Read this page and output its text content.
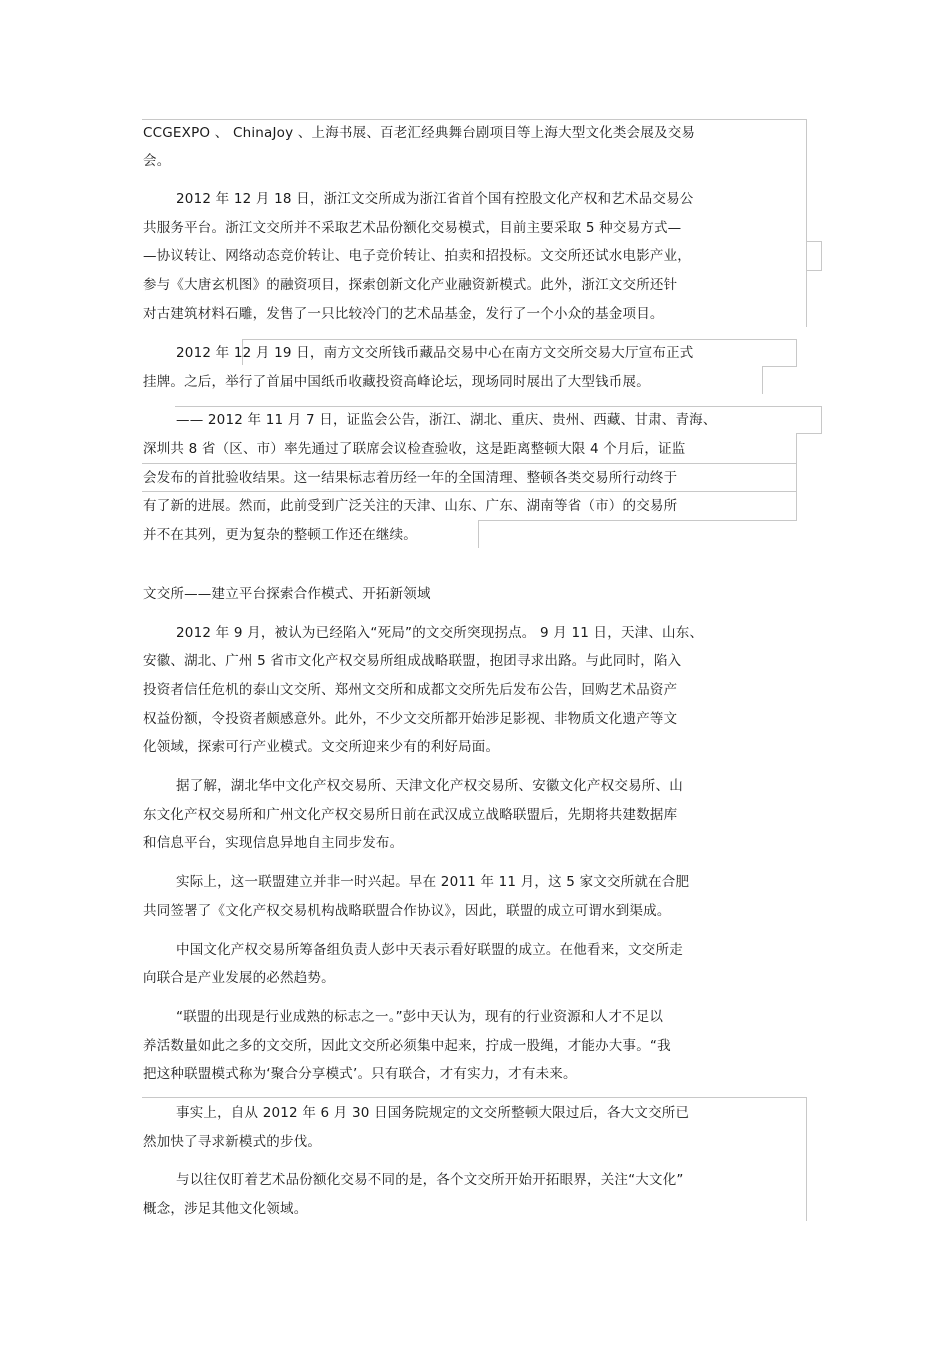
CCGEXPO 、 ChinaJoy 、上海书展、百老汇经典舞台剧项目等上海大型文化类会展及交易
会。
2012 年 12 月 18 日，浙江文交所成为浙江省首个国有控股文化产权和艺术品交易公
共服务平台。浙江文交所并不采取艺术品份额化交易模式，目前主要采取 5 种交易方式—
—协议转让、网络动态竞价转让、电子竞价转让、拍卖和招投标。文交所还试水电影产业，
参与《大唐玄机图》的融资项目，探索创新文化产业融资新模式。此外，浙江文交所还针
对古建筑材料石雕，发售了一只比较冷门的艺术品基金，发行了一个小众的基金项目。
2012 年 12 月 19 日，南方文交所钱币藏品交易中心在南方文交所交易大厅宣布正式
挂牌。之后，举行了首届中国纸币收藏投资高峰论坛，现场同时展出了大型钱币展。
—— 2012 年 11 月 7 日，证监会公告，浙江、湖北、重庆、贵州、西藏、甘肃、青海、
深圳共 8 省（区、市）率先通过了联席会议检查验收，这是距离整顿大限 4 个月后，证监
会发布的首批验收结果。这一结果标志着历经一年的全国清理、整顿各类交易所行动终于
有了新的进展。然而，此前受到广泛关注的天津、山东、广东、湖南等省（市）的交易所
并不在其列，更为复杂的整顿工作还在继续。
文交所——建立平台探索合作模式、开拓新领域
2012 年 9 月，被认为已经陷入“死局”的文交所突现拐点。 9 月 11 日，天津、山东、
安徽、湖北、广州 5 省市文化产权交易所组成战略联盟，抱团寻求出路。与此同时，陷入
投资者信任危机的泰山文交所、郑州文交所和成都文交所先后发布公告，回购艺术品资产
权益份额，令投资者颇感意外。此外，不少文交所都开始涉足影视、非物质文化遗产等文
化领域，探索可行产业模式。文交所迎来少有的利好局面。
据了解，湖北华中文化产权交易所、天津文化产权交易所、安徽文化产权交易所、山
东文化产权交易所和广州文化产权交易所日前在武汉成立战略联盟后，先期将共建数据库
和信息平台，实现信息异地自主同步发布。
实际上，这一联盟建立并非一时兴起。早在 2011 年 11 月，这 5 家文交所就在合肥
共同签署了《文化产权交易机构战略联盟合作协议》，因此，联盟的成立可谓水到渠成。
中国文化产权交易所筹备组负责人彭中天表示看好联盟的成立。在他看来，文交所走
向联合是产业发展的必然趋势。
“联盟的出现是行业成熟的标志之一。”彭中天认为，现有的行业资源和人才不足以
养活数量如此之多的文交所，因此文交所必须集中起来，拧成一股绳，才能办大事。“我
把这种联盟模式称为‘聚合分享模式’。只有联合，才有实力，才有未来。
事实上，自从 2012 年 6 月 30 日国务院规定的文交所整顿大限过后，各大文交所已
然加快了寻求新模式的步伐。
与以往仅盯着艺术品份额化交易不同的是，各个文交所开始开拓眼界，关注“大文化”
概念，涉足其他文化领域。
